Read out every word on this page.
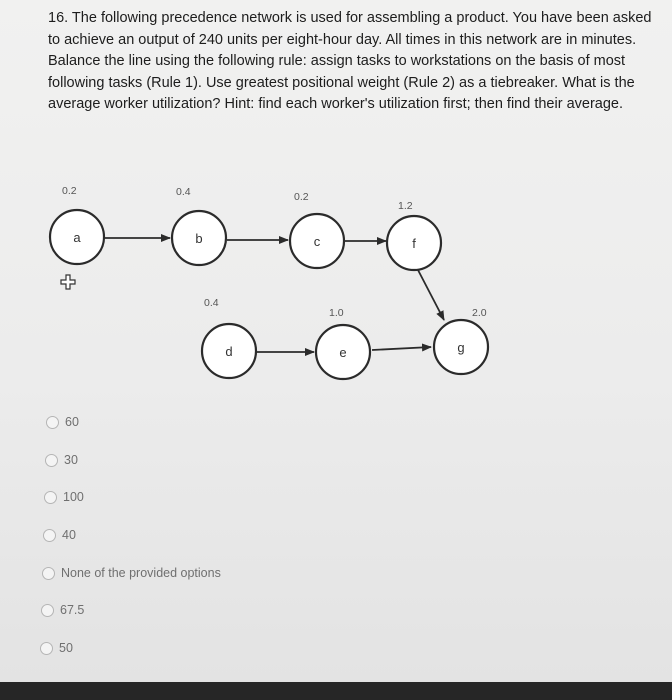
16. The following precedence network is used for assembling a product. You have been asked to achieve an output of 240 units per eight-hour day. All times in this network are in minutes. Balance the line using the following rule: assign tasks to workstations on the basis of most following tasks (Rule 1). Use greatest positional weight (Rule 2) as a tiebreaker. What is the average worker utilization? Hint: find each worker's utilization first; then find their average.

a	b	c	f
d	e	g
0.2	0.4	0.2
1.2
0.4
1.0	2.0
60
30
100
40
None of the provided options
67.5
50
